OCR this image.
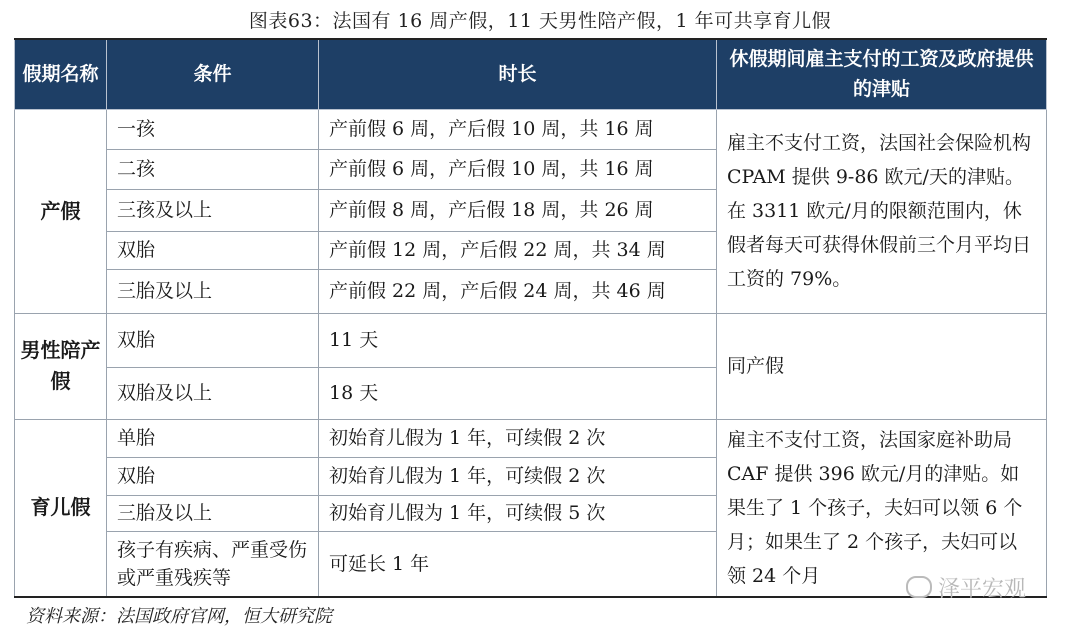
图表63：法国有 16 周产假，11 天男性陪产假，1 年可共享育儿假
假期名称	条件	时长	休假期间雇主支付的工资及政府提供的津贴
产假	一孩	产前假 6 周，产后假 10 周，共 16 周	雇主不支付工资，法国社会保险机构 CPAM 提供 9-86 欧元/天的津贴。在 3311 欧元/月的限额范围内，休假者每天可获得休假前三个月平均日工资的 79%。
	二孩	产前假 6 周，产后假 10 周，共 16 周	
	三孩及以上	产前假 8 周，产后假 18 周，共 26 周	
	双胎	产前假 12 周，产后假 22 周，共 34 周	
	三胎及以上	产前假 22 周，产后假 24 周，共 46 周	
男性陪产假	双胎	11 天	同产假
	双胎及以上	18 天	
育儿假	单胎	初始育儿假为 1 年，可续假 2 次	雇主不支付工资，法国家庭补助局 CAF 提供 396 欧元/月的津贴。如果生了 1 个孩子，夫妇可以领 6 个月；如果生了 2 个孩子，夫妇可以领 24 个月
	双胎	初始育儿假为 1 年，可续假 2 次	
	三胎及以上	初始育儿假为 1 年，可续假 5 次	
	孩子有疾病、严重受伤或严重残疾等	可延长 1 年	
泽平宏观
资料来源：法国政府官网，恒大研究院
